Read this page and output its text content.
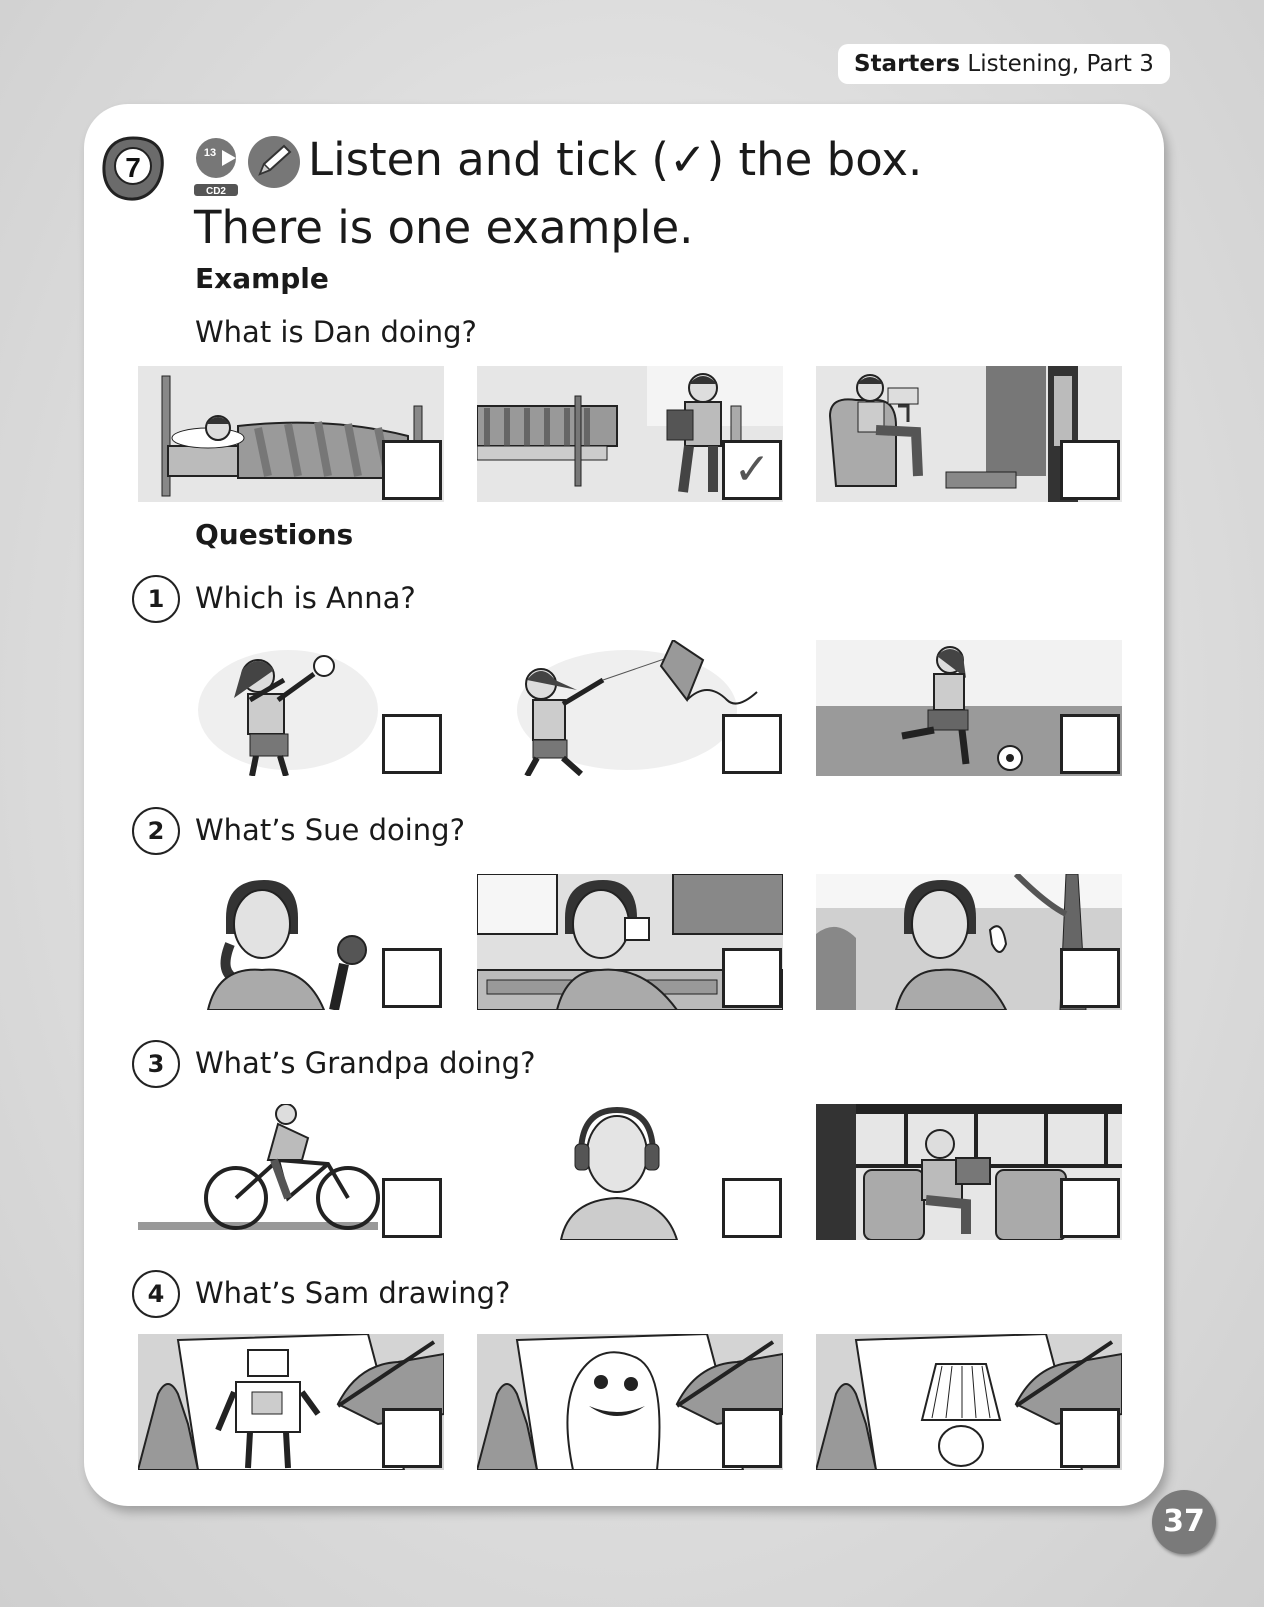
Starters Listening, Part 3
7	13
CD2
Listen and tick (✓) the box.
There is one example.
Example
What is Dan doing?
✓
Questions
1	Which is Anna?
2	What’s Sue doing?
3	What’s Grandpa doing?
4	What’s Sam drawing?
37
